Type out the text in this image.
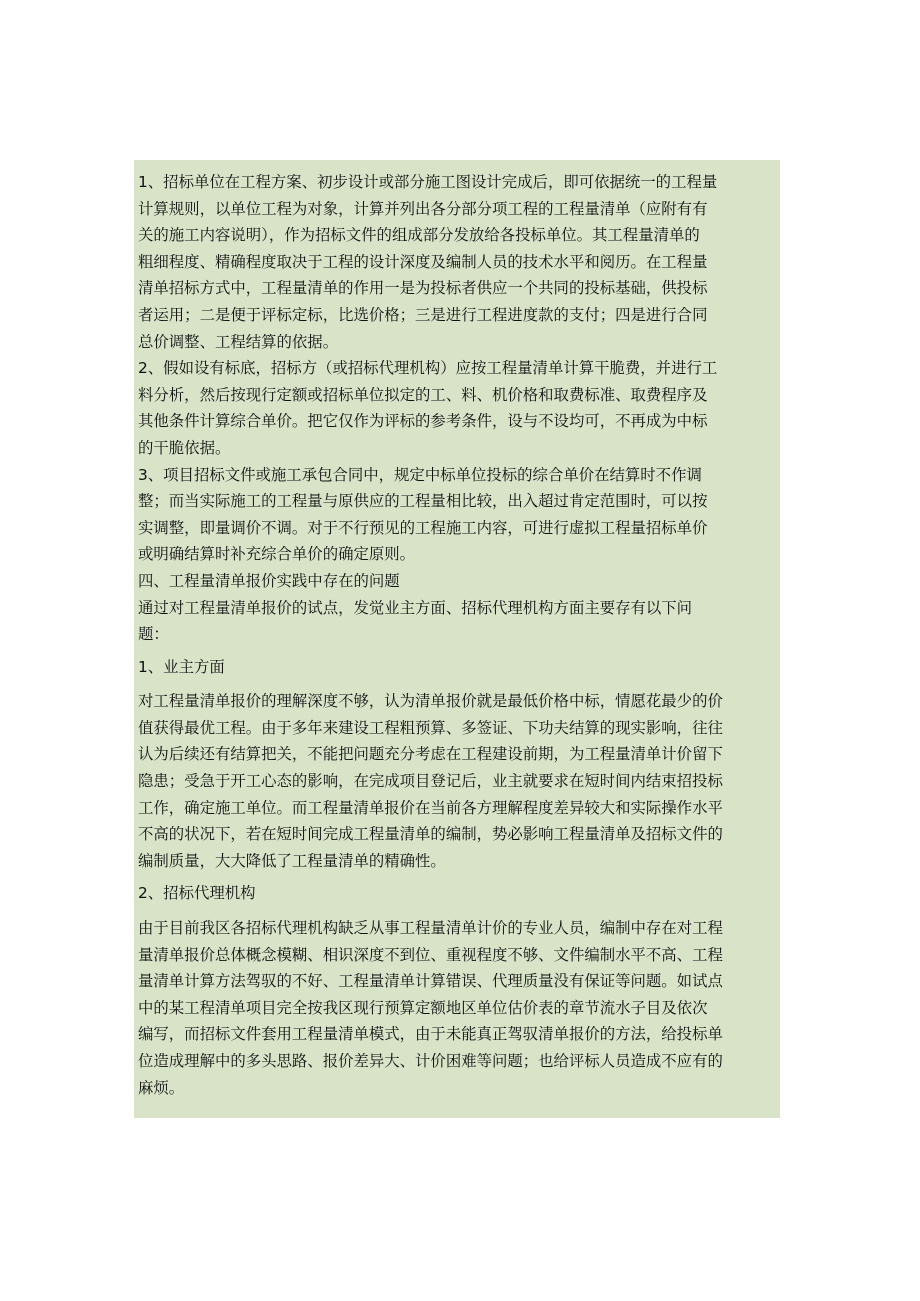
1、招标单位在工程方案、初步设计或部分施工图设计完成后，即可依据统一的工程量
计算规则，以单位工程为对象，计算并列出各分部分项工程的工程量清单（应附有有
关的施工内容说明），作为招标文件的组成部分发放给各投标单位。其工程量清单的
粗细程度、精确程度取决于工程的设计深度及编制人员的技术水平和阅历。在工程量
清单招标方式中，工程量清单的作用一是为投标者供应一个共同的投标基础，供投标
者运用；二是便于评标定标，比选价格；三是进行工程进度款的支付；四是进行合同
总价调整、工程结算的依据。
2、假如设有标底，招标方（或招标代理机构）应按工程量清单计算干脆费，并进行工
料分析，然后按现行定额或招标单位拟定的工、料、机价格和取费标准、取费程序及
其他条件计算综合单价。把它仅作为评标的参考条件，设与不设均可，不再成为中标
的干脆依据。
3、项目招标文件或施工承包合同中，规定中标单位投标的综合单价在结算时不作调
整；而当实际施工的工程量与原供应的工程量相比较，出入超过肯定范围时，可以按
实调整，即量调价不调。对于不行预见的工程施工内容，可进行虚拟工程量招标单价
或明确结算时补充综合单价的确定原则。
四、工程量清单报价实践中存在的问题
通过对工程量清单报价的试点，发觉业主方面、招标代理机构方面主要存有以下问
题：
1、业主方面
对工程量清单报价的理解深度不够，认为清单报价就是最低价格中标，情愿花最少的价
值获得最优工程。由于多年来建设工程粗预算、多签证、下功夫结算的现实影响，往往
认为后续还有结算把关，不能把问题充分考虑在工程建设前期，为工程量清单计价留下
隐患；受急于开工心态的影响，在完成项目登记后，业主就要求在短时间内结束招投标
工作，确定施工单位。而工程量清单报价在当前各方理解程度差异较大和实际操作水平
不高的状况下，若在短时间完成工程量清单的编制，势必影响工程量清单及招标文件的
编制质量，大大降低了工程量清单的精确性。
2、招标代理机构
由于目前我区各招标代理机构缺乏从事工程量清单计价的专业人员，编制中存在对工程
量清单报价总体概念模糊、相识深度不到位、重视程度不够、文件编制水平不高、工程
量清单计算方法驾驭的不好、工程量清单计算错误、代理质量没有保证等问题。如试点
中的某工程清单项目完全按我区现行预算定额地区单位估价表的章节流水子目及依次
编写，而招标文件套用工程量清单模式，由于未能真正驾驭清单报价的方法，给投标单
位造成理解中的多头思路、报价差异大、计价困难等问题；也给评标人员造成不应有的
麻烦。
